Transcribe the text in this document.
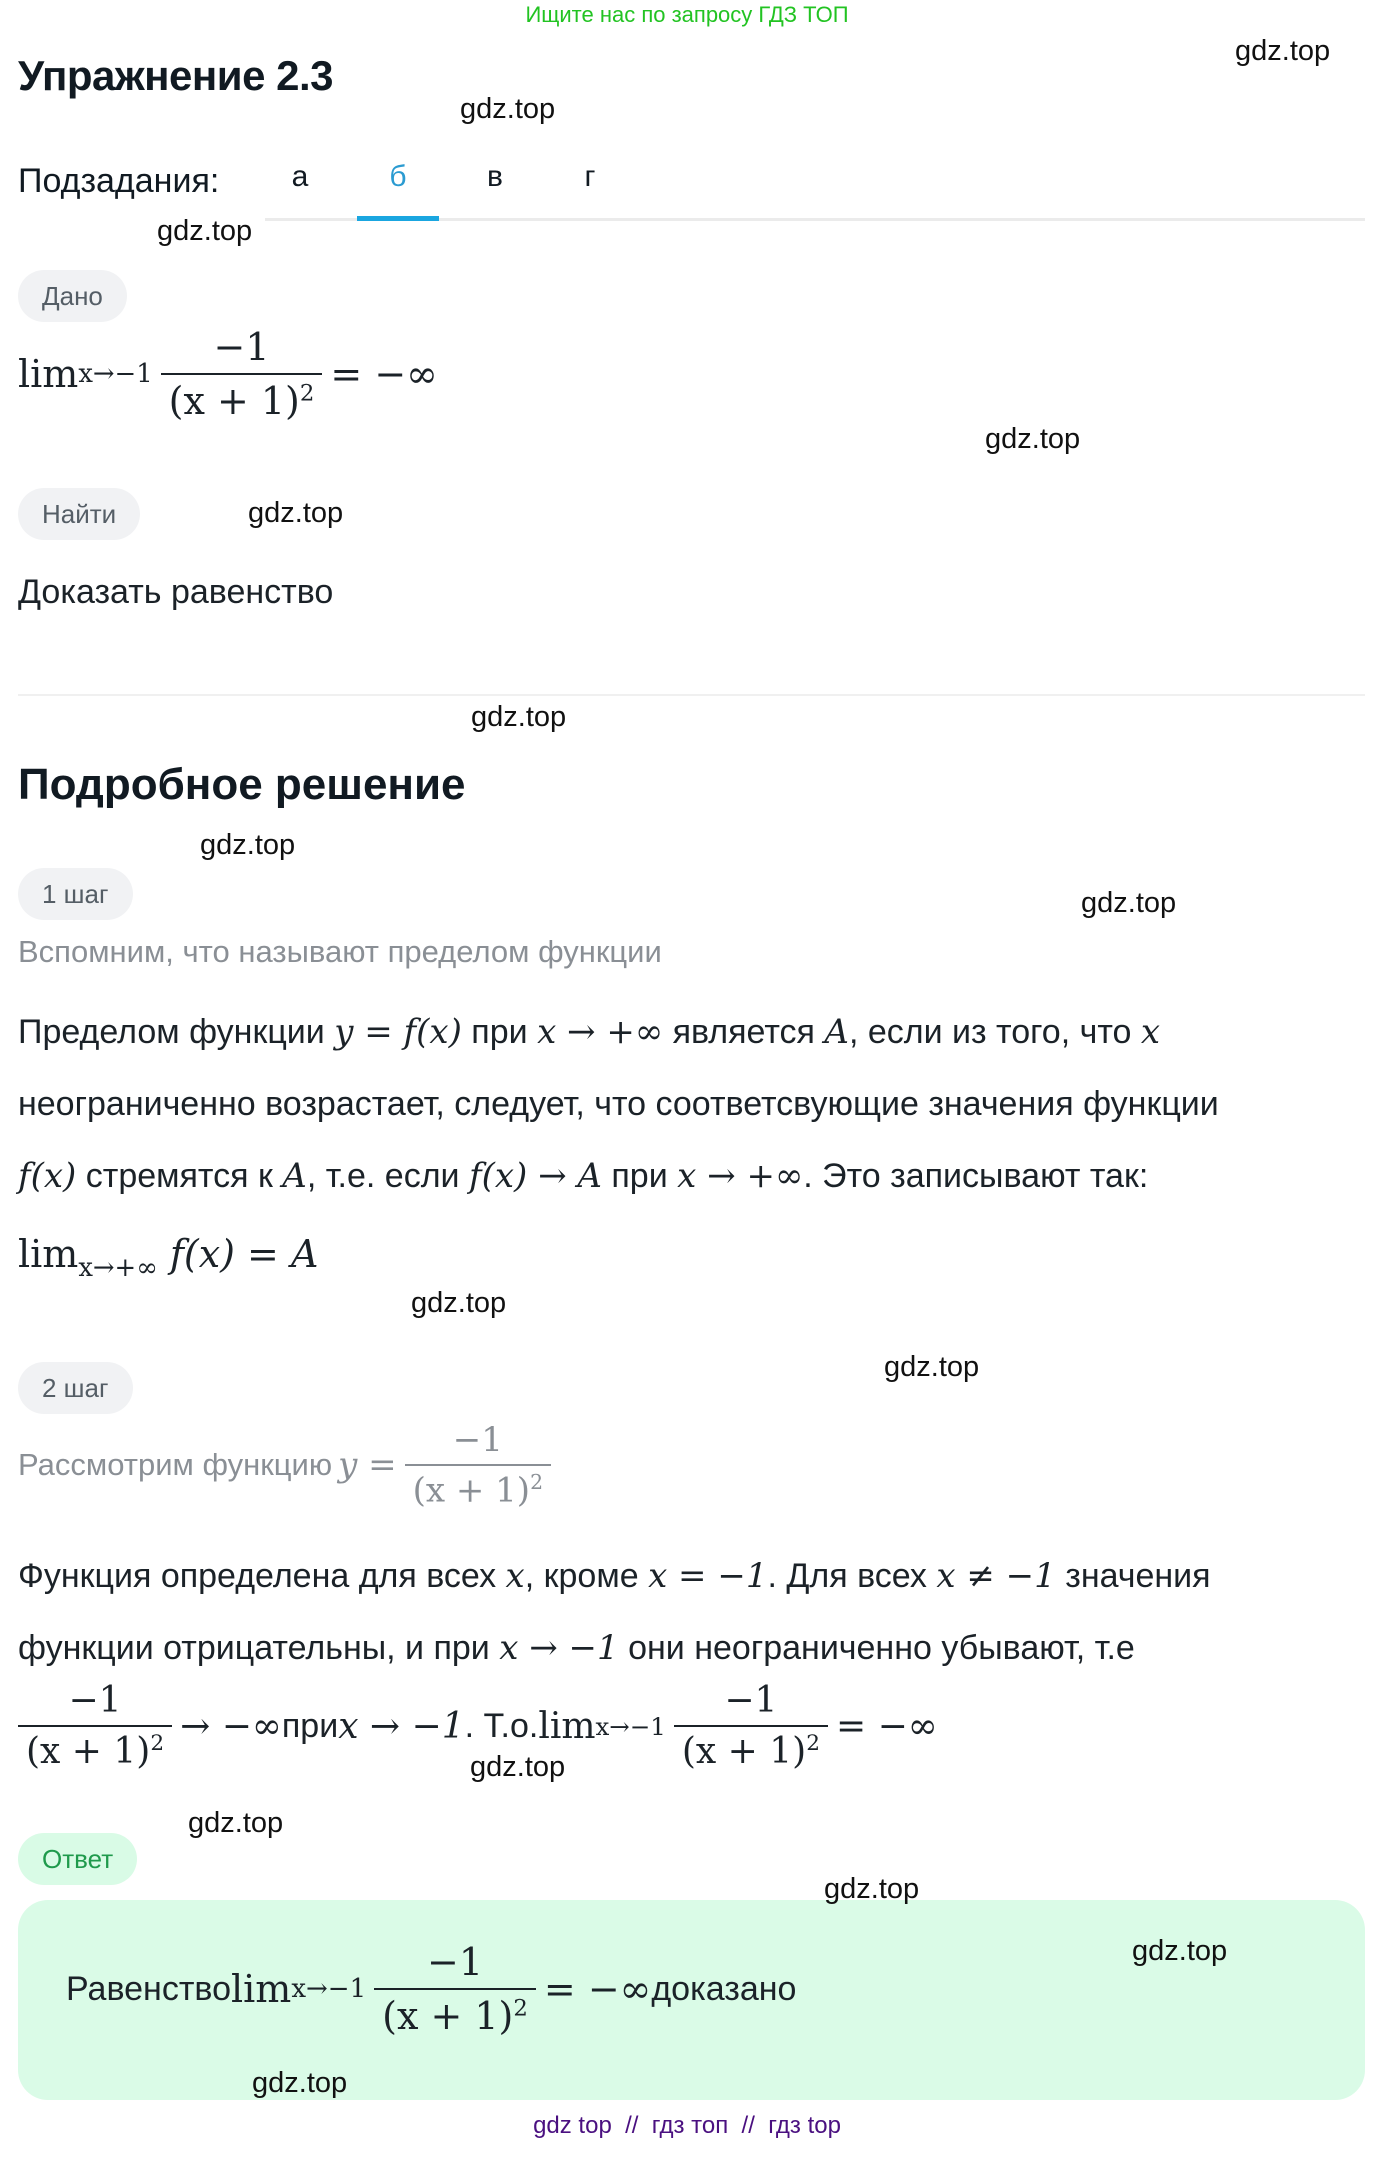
Ищите нас по запросу ГДЗ ТОП
Упражнение 2.3
Подзадания:	а	б	в	г
Дано
$\lim x\to-1 \frac{-1}{(x + 1)^2}$ = −∞
Найти
Доказать равенство
Подробное решение
1 шаг
Вспомним, что называют пределом функции
Пределом функции y = f(x) при x → +∞ является A, если из того, что x
неограниченно возрастает, следует, что соответсвующие значения функции
f(x) стремятся к A, т.е. если f(x) → A при x → +∞. Это записывают так:
$\lim_{x\to+\infty} f(x) = A$
2 шаг
Рассмотрим функцию $y = \frac{-1}{(x + 1)^2}$
Функция определена для всех x, кроме x = −1. Для всех x ≠ −1 значения
функции отрицательны, и при x → −1 они неограниченно убывают, т.е
$\frac{-1}{(x + 1)^2}$ → −∞ при x → −1 . Т.о. $\lim x\to-1 \frac{-1}{(x + 1)^2}$ = −∞
Ответ
Равенство $\lim x\to-1 \frac{-1}{(x + 1)^2}$ = −∞ доказано
gdz.top
gdz.top
gdz.top
gdz.top
gdz.top
gdz.top
gdz.top
gdz.top
gdz.top
gdz.top
gdz.top
gdz.top
gdz.top
gdz.top
gdz.top
gdz top  //  гдз топ  //  гдз top
